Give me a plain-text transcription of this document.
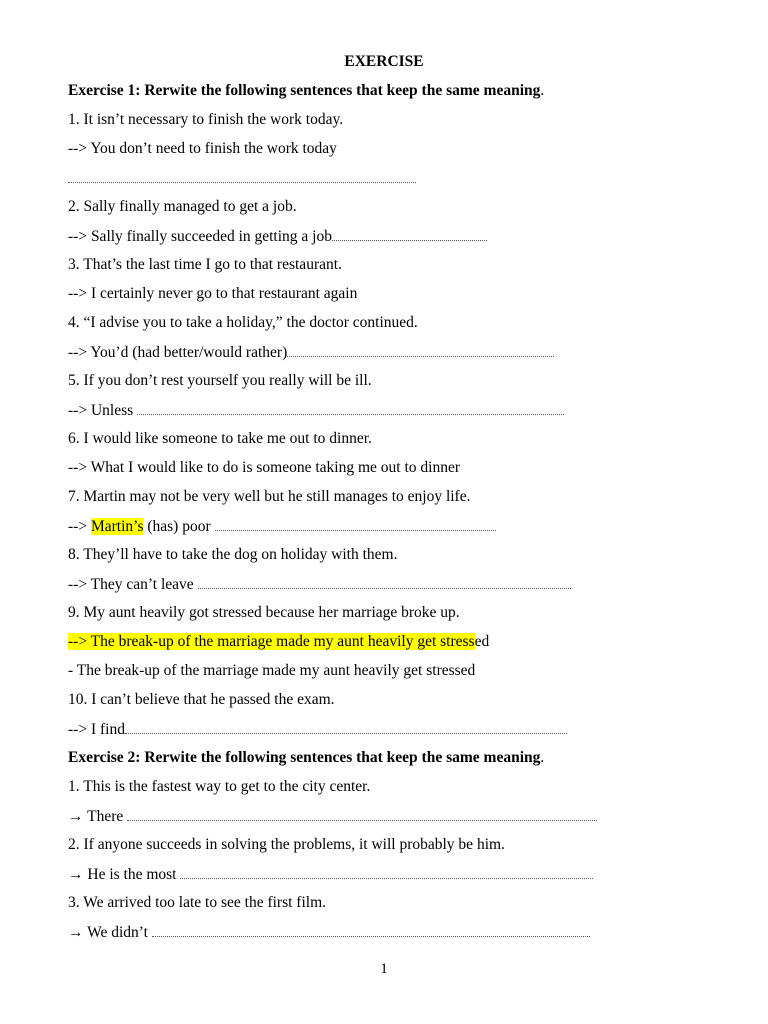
EXERCISE
Exercise 1: Rerwite the following sentences that keep the same meaning.
1. It isn’t necessary to finish the work today.
--> You don’t need to finish the work today
2. Sally finally managed to get a job.
--> Sally finally succeeded in getting a job
3. That’s the last time I go to that restaurant.
--> I certainly never go to that restaurant again
4. “I advise you to take a holiday,” the doctor continued.
--> You’d (had better/would rather)
5. If you don’t rest yourself you really will be ill.
--> Unless
6. I would like someone to take me out to dinner.
--> What I would like to do is someone taking me out to dinner
7. Martin may not be very well but he still manages to enjoy life.
--> Martin’s (has) poor
8. They’ll have to take the dog on holiday with them.
--> They can’t leave
9. My aunt heavily got stressed because her marriage broke up.
--> The break-up of the marriage made my aunt heavily get stressed
- The break-up of the marriage made my aunt heavily get stressed
10. I can’t believe that he passed the exam.
--> I find
Exercise 2: Rerwite the following sentences that keep the same meaning.
1. This is the fastest way to get to the city center.
→ There
2. If anyone succeeds in solving the problems, it will probably be him.
→ He is the most
3. We arrived too late to see the first film.
→ We didn’t
1
